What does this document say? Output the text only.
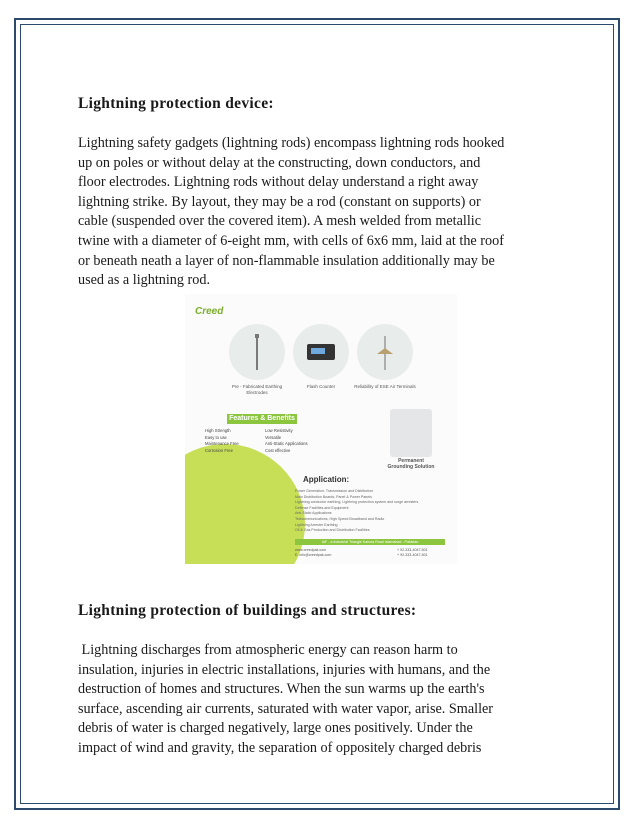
Lightning protection device:

Lightning safety gadgets (lightning rods) encompass lightning rods hooked

up on poles or without delay at the constructing, down conductors, and

floor electrodes. Lightning rods without delay understand a right away

lightning strike. By layout, they may be a rod (constant on supports) or

cable (suspended over the covered item). A mesh welded from metallic

twine with a diameter of 6-eight mm, with cells of 6x6 mm, laid at the roof

or beneath neath a layer of non-flammable insulation additionally may be

used as a lightning rod.

Creed
Pre - Fabricated Earthing Electrodes
Flash Counter	Reliability of ESE Air Terminals
Features & Benefits
High Strength
Easy to use
Maintenance Free
Corrosion Free
Low Resistivity
Versatile
Anti-Static Applications
Cost effective
Permanent
Grounding Solution
Application:
Power Generation, Transmission and Distribution
Main Distribution Boards, Panel & Power Panels
Lightning conductor earthing, Lightning protection system and surge arresters
Defense Facilities and Equipment
Anti-Static Applications
Telecommunications, High Speed Broadband and Radio
Lightning Arrester Earthing
Oil & Gas Production and Distribution Facilities
IAF - a Industrial Triangle Kahuta Road Islamabad - Pakistan
www.creedpak.com
E. info@creedpak.com
+ 92-333-4047-501
+ 92-333-4047-501
Lightning protection of buildings and structures:

Lightning discharges from atmospheric energy can reason harm to

insulation, injuries in electric installations, injuries with humans, and the

destruction of homes and structures. When the sun warms up the earth's

surface, ascending air currents, saturated with water vapor, arise. Smaller

debris of water is charged negatively, large ones positively. Under the

impact of wind and gravity, the separation of oppositely charged debris
